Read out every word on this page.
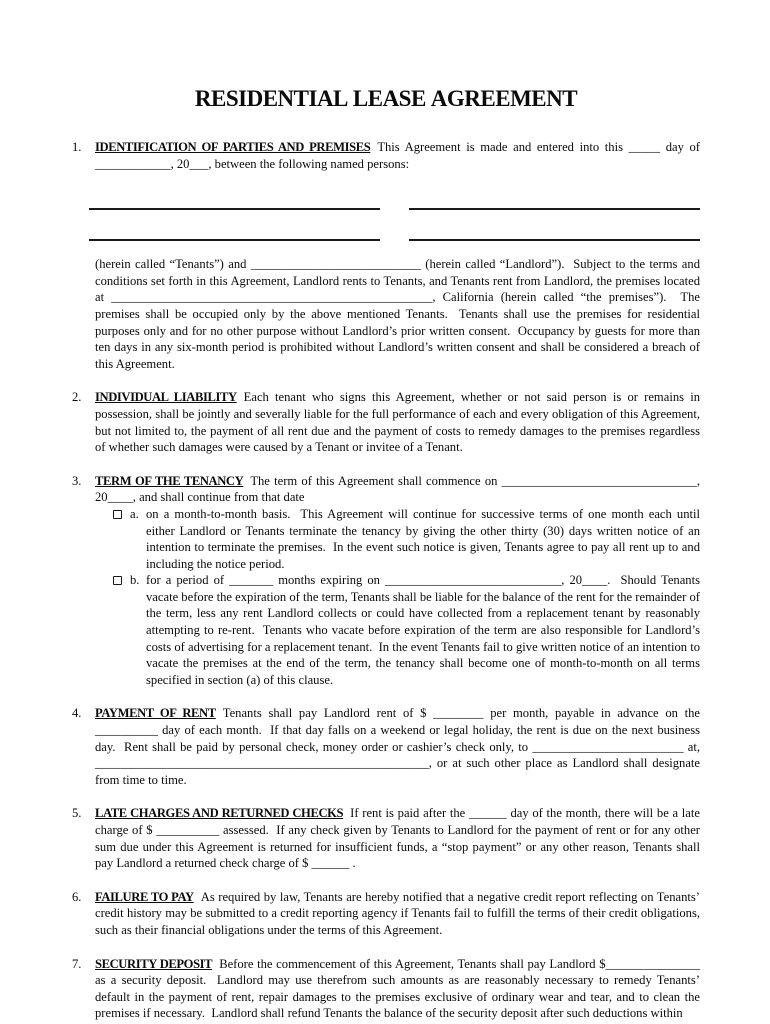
RESIDENTIAL LEASE AGREEMENT
1.	IDENTIFICATION OF PARTIES AND PREMISES This Agreement is made and entered into this _____ day of ____________, 20___, between the following named persons:

(herein called “Tenants”) and ___________________________ (herein called “Landlord”).  Subject to the terms and conditions set forth in this Agreement, Landlord rents to Tenants, and Tenants rent from Landlord, the premises located at ___________________________________________________, California (herein called “the premises”).  The premises shall be occupied only by the above mentioned Tenants.  Tenants shall use the premises for residential purposes only and for no other purpose without Landlord’s prior written consent.  Occupancy by guests for more than ten days in any six-month period is prohibited without Landlord’s written consent and shall be considered a breach of this Agreement.

2.	INDIVIDUAL LIABILITY Each tenant who signs this Agreement, whether or not said person is or remains in possession, shall be jointly and severally liable for the full performance of each and every obligation of this Agreement, but not limited to, the payment of all rent due and the payment of costs to remedy damages to the premises regardless of whether such damages were caused by a Tenant or invitee of a Tenant.

3.	TERM OF THE TENANCY The term of this Agreement shall commence on _______________________________, 20____, and shall continue from that date

a. on a month-to-month basis.  This Agreement will continue for successive terms of one month each until either Landlord or Tenants terminate the tenancy by giving the other thirty (30) days written notice of an intention to terminate the premises.  In the event such notice is given, Tenants agree to pay all rent up to and including the notice period.
b. for a period of _______ months expiring on ____________________________, 20____.  Should Tenants vacate before the expiration of the term, Tenants shall be liable for the balance of the rent for the remainder of the term, less any rent Landlord collects or could have collected from a replacement tenant by reasonably attempting to re-rent.  Tenants who vacate before expiration of the term are also responsible for Landlord’s costs of advertising for a replacement tenant.  In the event Tenants fail to give written notice of an intention to vacate the premises at the end of the term, the tenancy shall become one of month-to-month on all terms specified in section (a) of this clause.
4.	PAYMENT OF RENT Tenants shall pay Landlord rent of $ ________ per month, payable in advance on the __________ day of each month.  If that day falls on a weekend or legal holiday, the rent is due on the next business day.  Rent shall be paid by personal check, money order or cashier’s check only, to ________________________ at, _____________________________________________________, or at such other place as Landlord shall designate from time to time.

5.	LATE CHARGES AND RETURNED CHECKS If rent is paid after the ______ day of the month, there will be a late charge of $ __________ assessed.  If any check given by Tenants to Landlord for the payment of rent or for any other sum due under this Agreement is returned for insufficient funds, a “stop payment” or any other reason, Tenants shall pay Landlord a returned check charge of $ ______ .

6.	FAILURE TO PAY As required by law, Tenants are hereby notified that a negative credit report reflecting on Tenants’ credit history may be submitted to a credit reporting agency if Tenants fail to fulfill the terms of their credit obligations, such as their financial obligations under the terms of this Agreement.

7.	SECURITY DEPOSIT Before the commencement of this Agreement, Tenants shall pay Landlord $_______________ as a security deposit.  Landlord may use therefrom such amounts as are reasonably necessary to remedy Tenants’ default in the payment of rent, repair damages to the premises exclusive of ordinary wear and tear, and to clean the premises if necessary.  Landlord shall refund Tenants the balance of the security deposit after such deductions within
